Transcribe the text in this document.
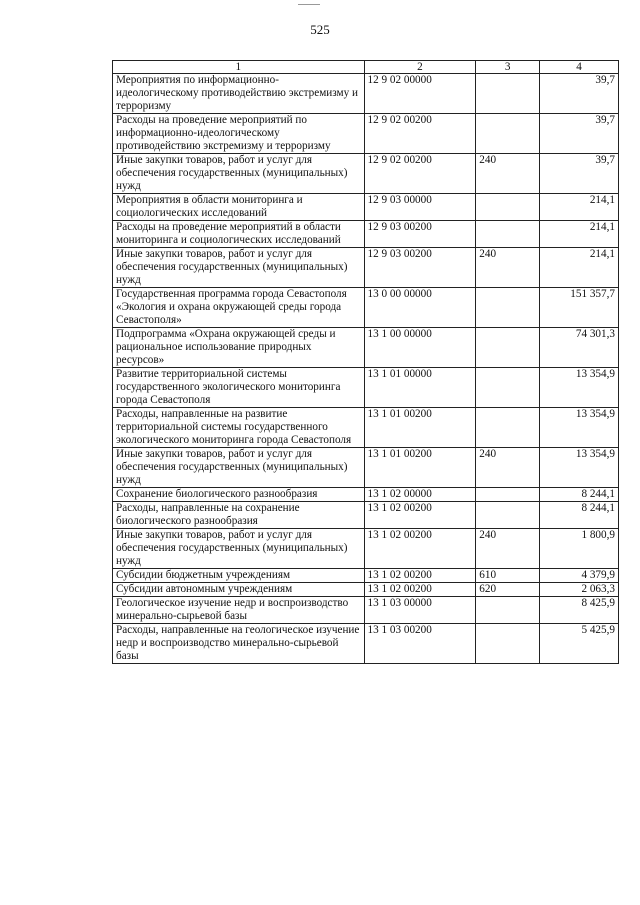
525
1	2	3	4
Мероприятия по информационно-идеологическому противодействию экстремизму и терроризму	12 9 02 00000		39,7
Расходы на проведение мероприятий по информационно-идеологическому противодействию экстремизму и терроризму	12 9 02 00200		39,7
Иные закупки товаров, работ и услуг для обеспечения государственных (муниципальных) нужд	12 9 02 00200	240	39,7
Мероприятия в области мониторинга и социологических исследований	12 9 03 00000		214,1
Расходы на проведение мероприятий в области мониторинга и социологических исследований	12 9 03 00200		214,1
Иные закупки товаров, работ и услуг для обеспечения государственных (муниципальных) нужд	12 9 03 00200	240	214,1
Государственная программа города Севастополя «Экология и охрана окружающей среды города Севастополя»	13 0 00 00000		151 357,7
Подпрограмма «Охрана окружающей среды и рациональное использование природных ресурсов»	13 1 00 00000		74 301,3
Развитие территориальной системы государственного экологического мониторинга города Севастополя	13 1 01 00000		13 354,9
Расходы, направленные на развитие территориальной системы государственного экологического мониторинга города Севастополя	13 1 01 00200		13 354,9
Иные закупки товаров, работ и услуг для обеспечения государственных (муниципальных) нужд	13 1 01 00200	240	13 354,9
Сохранение биологического разнообразия	13 1 02 00000		8 244,1
Расходы, направленные на сохранение биологического разнообразия	13 1 02 00200		8 244,1
Иные закупки товаров, работ и услуг для обеспечения государственных (муниципальных) нужд	13 1 02 00200	240	1 800,9
Субсидии бюджетным учреждениям	13 1 02 00200	610	4 379,9
Субсидии автономным учреждениям	13 1 02 00200	620	2 063,3
Геологическое изучение недр и воспроизводство минерально-сырьевой базы	13 1 03 00000		8 425,9
Расходы, направленные на геологическое изучение недр и воспроизводство минерально-сырьевой базы	13 1 03 00200		5 425,9
